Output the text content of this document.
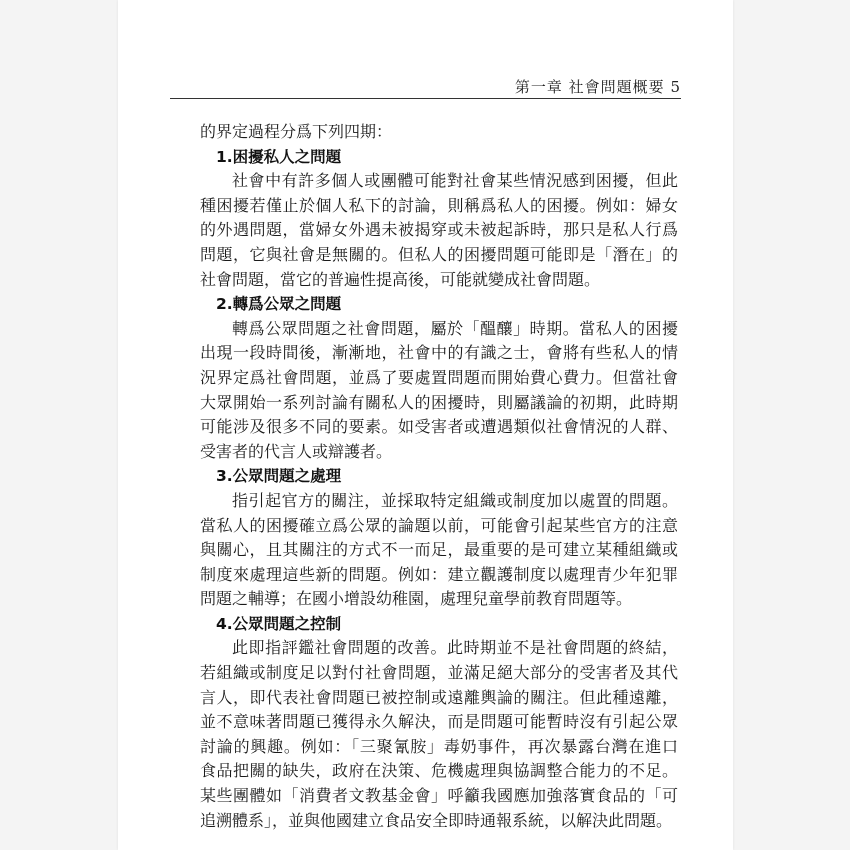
第一章 社會問題概要 5
的界定過程分爲下列四期：
1.困擾私人之問題
社會中有許多個人或團體可能對社會某些情況感到困擾，但此
種困擾若僅止於個人私下的討論，則稱爲私人的困擾。例如：婦女
的外遇問題，當婦女外遇未被揭穿或未被起訴時，那只是私人行爲
問題，它與社會是無關的。但私人的困擾問題可能即是「潛在」的
社會問題，當它的普遍性提高後，可能就變成社會問題。
2.轉爲公眾之問題
轉爲公眾問題之社會問題，屬於「醞釀」時期。當私人的困擾
出現一段時間後，漸漸地，社會中的有識之士，會將有些私人的情
況界定爲社會問題，並爲了要處置問題而開始費心費力。但當社會
大眾開始一系列討論有關私人的困擾時，則屬議論的初期，此時期
可能涉及很多不同的要素。如受害者或遭遇類似社會情況的人群、
受害者的代言人或辯護者。
3.公眾問題之處理
指引起官方的關注，並採取特定組織或制度加以處置的問題。
當私人的困擾確立爲公眾的論題以前，可能會引起某些官方的注意
與關心，且其關注的方式不一而足，最重要的是可建立某種組織或
制度來處理這些新的問題。例如：建立觀護制度以處理青少年犯罪
問題之輔導；在國小增設幼稚園，處理兒童學前教育問題等。
4.公眾問題之控制
此即指評鑑社會問題的改善。此時期並不是社會問題的終結，
若組織或制度足以對付社會問題，並滿足絕大部分的受害者及其代
言人，即代表社會問題已被控制或遠離輿論的關注。但此種遠離，
並不意味著問題已獲得永久解決，而是問題可能暫時沒有引起公眾
討論的興趣。例如：「三聚氰胺」毒奶事件，再次暴露台灣在進口
食品把關的缺失，政府在決策、危機處理與協調整合能力的不足。
某些團體如「消費者文教基金會」呼籲我國應加強落實食品的「可
追溯體系」，並與他國建立食品安全即時通報系統，以解決此問題。
